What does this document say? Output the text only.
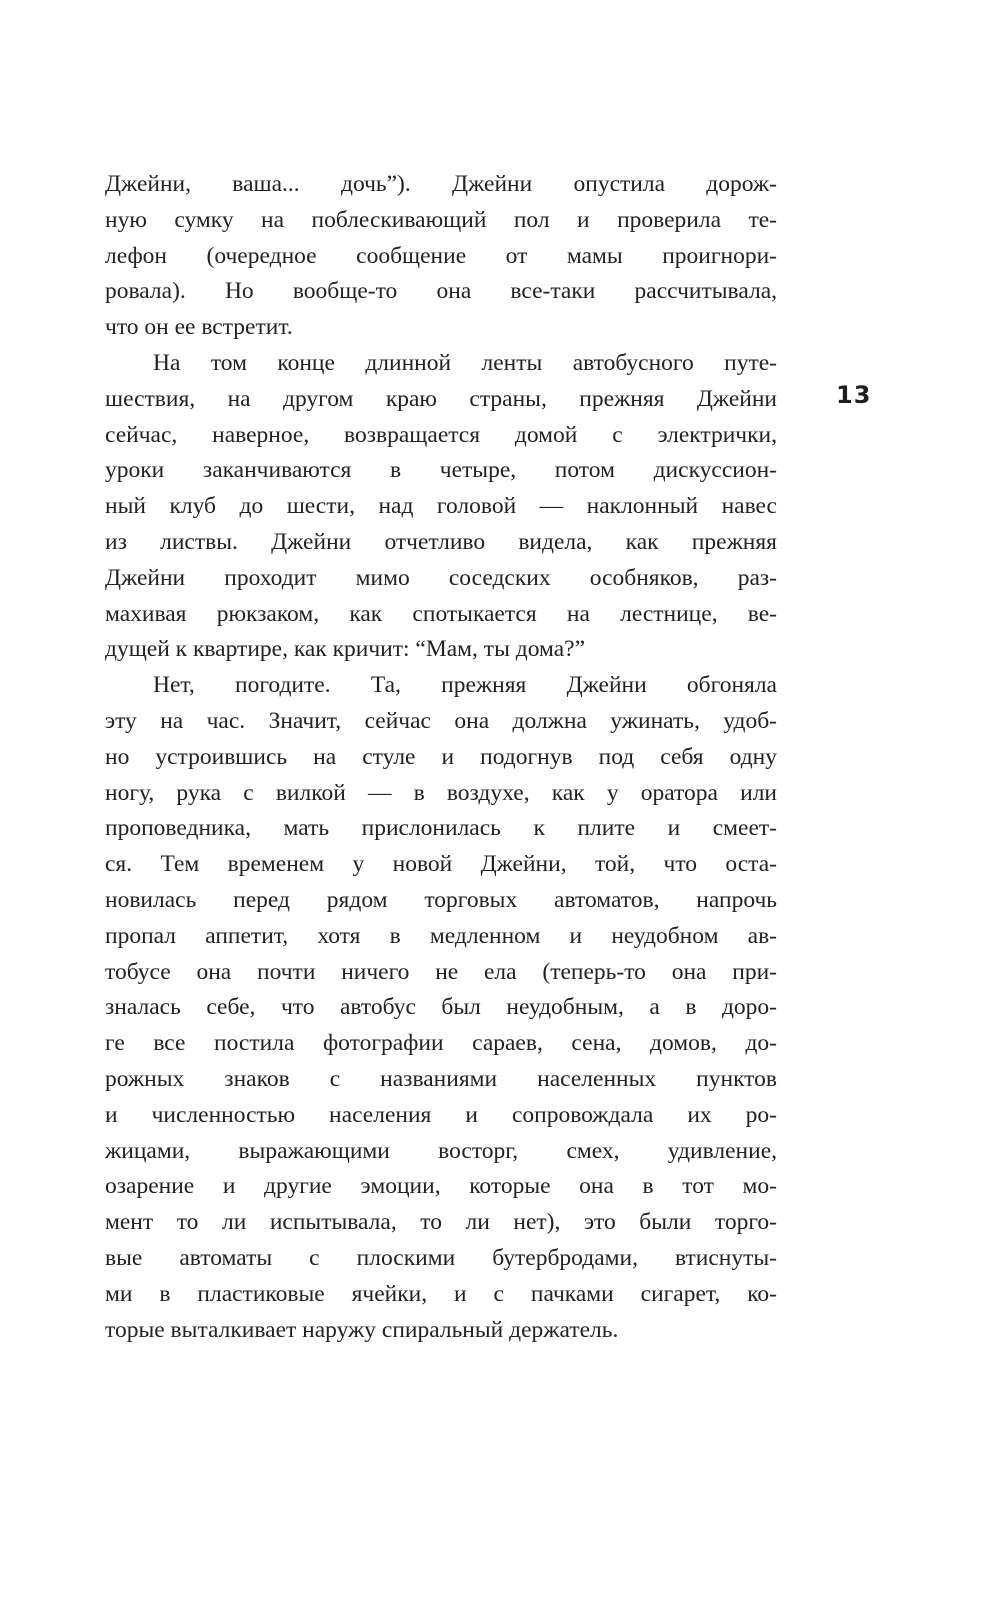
13
Джейни, ваша... дочь”). Джейни опустила дорож-
ную сумку на поблескивающий пол и проверила те-
лефон (очередное сообщение от мамы проигнори-
ровала). Но вообще-то она все-таки рассчитывала,
что он ее встретит.
На том конце длинной ленты автобусного путе-
шествия, на другом краю страны, прежняя Джейни
сейчас, наверное, возвращается домой с электрички,
уроки заканчиваются в четыре, потом дискуссион-
ный клуб до шести, над головой — наклонный навес
из листвы. Джейни отчетливо видела, как прежняя
Джейни проходит мимо соседских особняков, раз-
махивая рюкзаком, как спотыкается на лестнице, ве-
дущей к квартире, как кричит: “Мам, ты дома?”
Нет, погодите. Та, прежняя Джейни обгоняла
эту на час. Значит, сейчас она должна ужинать, удоб-
но устроившись на стуле и подогнув под себя одну
ногу, рука с вилкой — в воздухе, как у оратора или
проповедника, мать прислонилась к плите и смеет-
ся. Тем временем у новой Джейни, той, что оста-
новилась перед рядом торговых автоматов, напрочь
пропал аппетит, хотя в медленном и неудобном ав-
тобусе она почти ничего не ела (теперь-то она при-
зналась себе, что автобус был неудобным, а в доро-
ге все постила фотографии сараев, сена, домов, до-
рожных знаков с названиями населенных пунктов
и численностью населения и сопровождала их ро-
жицами, выражающими восторг, смех, удивление,
озарение и другие эмоции, которые она в тот мо-
мент то ли испытывала, то ли нет), это были торго-
вые автоматы с плоскими бутербродами, втиснуты-
ми в пластиковые ячейки, и с пачками сигарет, ко-
торые выталкивает наружу спиральный держатель.
